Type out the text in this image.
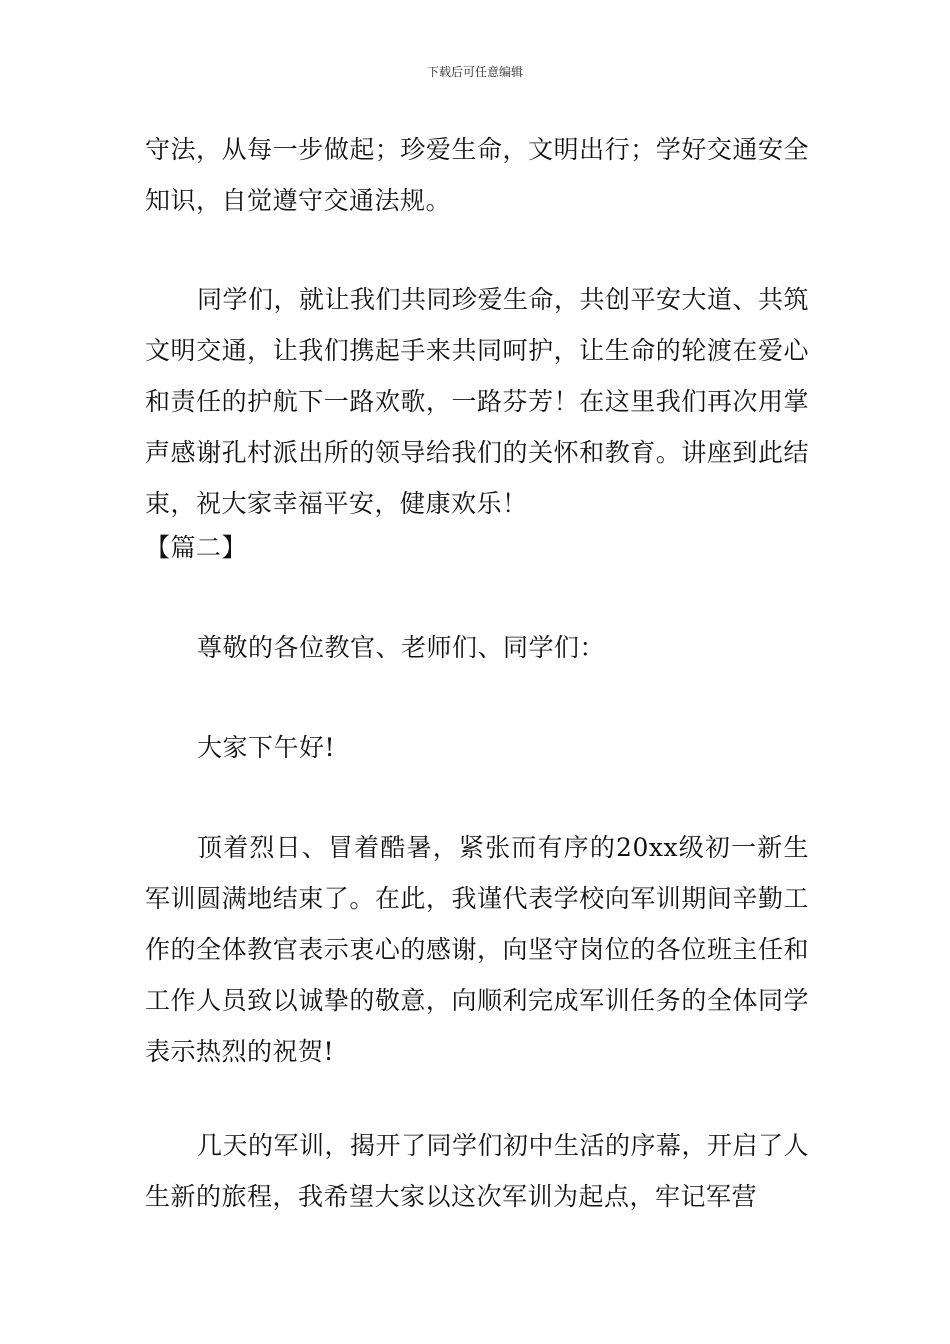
下载后可任意编辑

守法，从每一步做起；珍爱生命，文明出行；学好交通安全知识，自觉遵守交通法规。

同学们，就让我们共同珍爱生命，共创平安大道、共筑文明交通，让我们携起手来共同呵护，让生命的轮渡在爱心和责任的护航下一路欢歌，一路芬芳！在这里我们再次用掌声感谢孔村派出所的领导给我们的关怀和教育。讲座到此结束，祝大家幸福平安，健康欢乐！

【篇二】

尊敬的各位教官、老师们、同学们：

大家下午好!

顶着烈日、冒着酷暑，紧张而有序的20xx级初一新生军训圆满地结束了。在此，我谨代表学校向军训期间辛勤工作的全体教官表示衷心的感谢，向坚守岗位的各位班主任和工作人员致以诚挚的敬意，向顺利完成军训任务的全体同学表示热烈的祝贺!

几天的军训，揭开了同学们初中生活的序幕，开启了人生新的旅程，我希望大家以这次军训为起点，牢记军营
